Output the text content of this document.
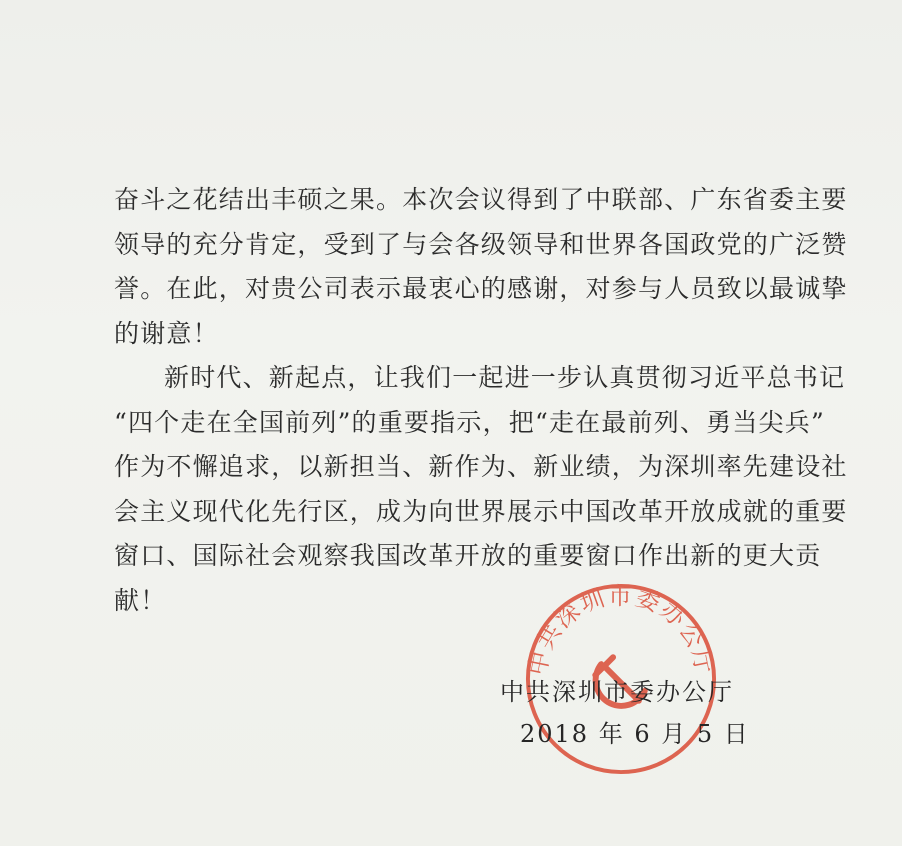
奋斗之花结出丰硕之果。本次会议得到了中联部、广东省委主要
领导的充分肯定，受到了与会各级领导和世界各国政党的广泛赞
誉。在此，对贵公司表示最衷心的感谢，对参与人员致以最诚挚
的谢意！
新时代、新起点，让我们一起进一步认真贯彻习近平总书记
“四个走在全国前列”的重要指示，把“走在最前列、勇当尖兵”
作为不懈追求，以新担当、新作为、新业绩，为深圳率先建设社
会主义现代化先行区，成为向世界展示中国改革开放成就的重要
窗口、国际社会观察我国改革开放的重要窗口作出新的更大贡
献！
中共深圳市委办公厅
中共深圳市委办公厅
2018 年 6 月 5 日
